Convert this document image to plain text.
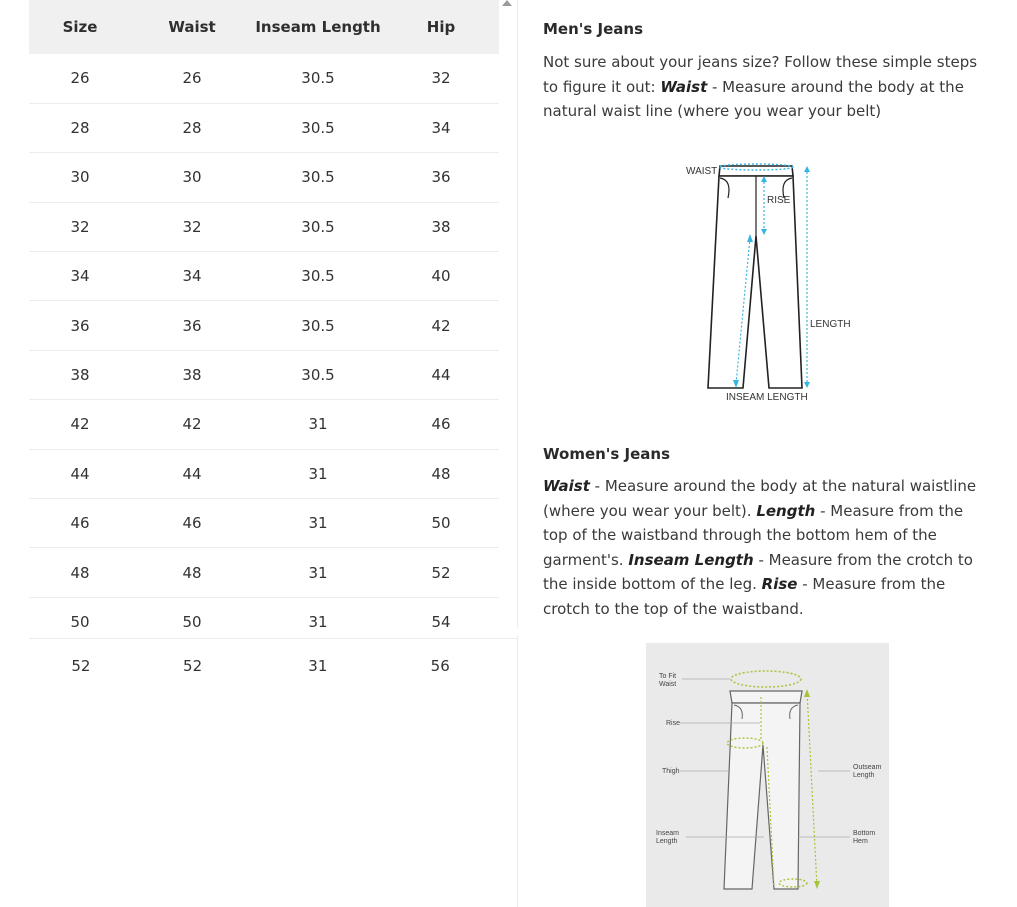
Size	Waist	Inseam Length	Hip
26	26	30.5	32
28	28	30.5	34
30	30	30.5	36
32	32	30.5	38
34	34	30.5	40
36	36	30.5	42
38	38	30.5	44
42	42	31	46
44	44	31	48
46	46	31	50
48	48	31	52
50	50	31	54
52	52	31	56
Men's Jeans
Not sure about your jeans size? Follow these simple steps to figure it out: Waist - Measure around the body at the natural waist line (where you wear your belt)
WAIST
RISE
LENGTH
INSEAM LENGTH
Women's Jeans
Waist - Measure around the body at the natural waistline (where you wear your belt). Length - Measure from the top of the waistband through the bottom hem of the garment's. Inseam Length - Measure from the crotch to the inside bottom of the leg. Rise - Measure from the crotch to the top of the waistband.
To Fit
Waist
Rise
Thigh
Inseam
Length
Outseam
Length
Bottom
Hem
